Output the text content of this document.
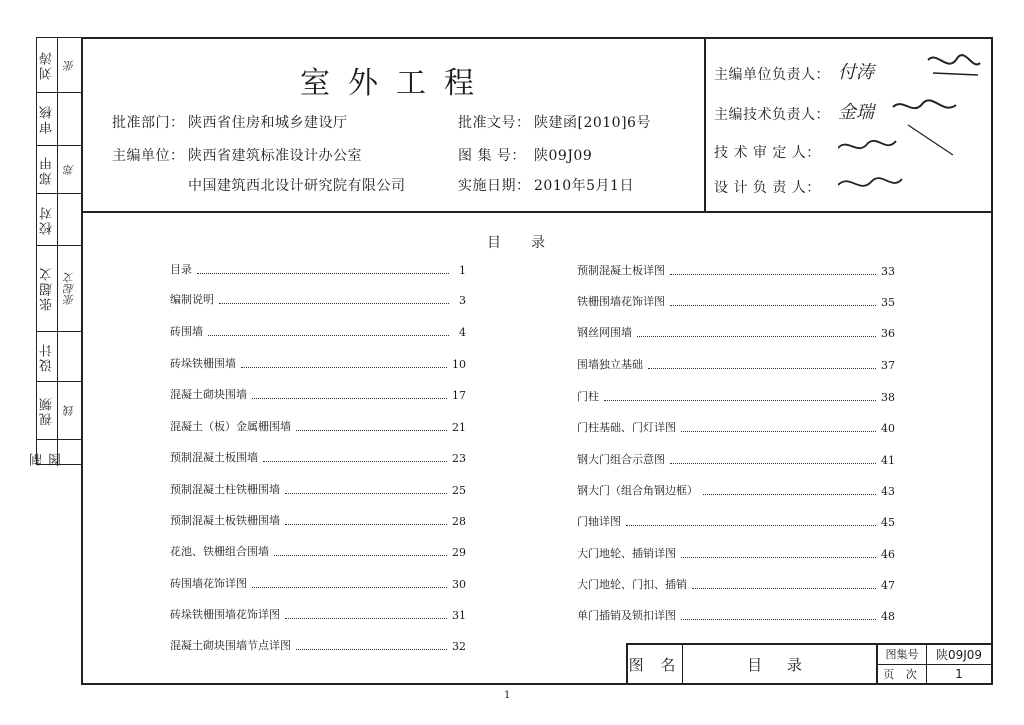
刘涛 张
审核
郑甲 郑
校对
张超文 张起文
设计
视频 钱
制图
室外工程
批准部门： 陕西省住房和城乡建设厅
主编单位： 陕西省建筑标准设计办公室
中国建筑西北设计研究院有限公司
批准文号： 陕建函[2010]6号
图 集 号： 陕09J09
实施日期： 2010年5月1日
主编单位负责人： 付涛
主编技术负责人： 金瑞
技 术 审 定 人：
设 计 负 责 人：
目录
目录	1
编制说明	3
砖围墙	4
砖垛铁栅围墙	10
混凝土砌块围墙	17
混凝土（板）金属栅围墙	21
预制混凝土板围墙	23
预制混凝土柱铁栅围墙	25
预制混凝土板铁栅围墙	28
花池、铁栅组合围墙	29
砖围墙花饰详图	30
砖垛铁栅围墙花饰详图	31
混凝土砌块围墙节点详图	32
预制混凝土板详图	33
铁栅围墙花饰详图	35
钢丝网围墙	36
围墙独立基础	37
门柱	38
门柱基础、门灯详图	40
钢大门组合示意图	41
钢大门（组合角钢边框）	43
门轴详图	45
大门地轮、插销详图	46
大门地轮、门扣、插销	47
单门插销及锁扣详图	48
图 名	目 录
图集号	陕09J09
页 次	1
1
